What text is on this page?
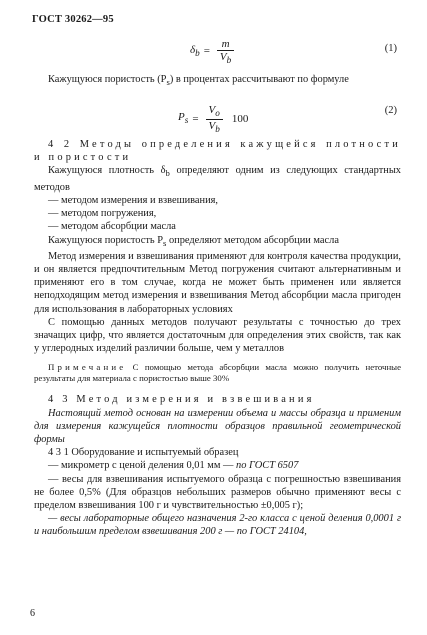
ГОСТ 30262—95
$\delta_b = \frac{m}{V_b}$	(1)

Кажущуюся пористость $(P_s)$ в процентах рассчитывают по формуле

$P_s = \frac{V_o}{V_b} 100$
(2)

4 2 Методы определения кажущейся плотности и пористости

Кажущуюся плотность $\delta_b$ определяют одним из следующих стандартных методов

— методом измерения и взвешивания,

— методом погружения,

— методом абсорбции масла

Кажущуюся пористость $P_s$ определяют методом абсорбции масла

Метод измерения и взвешивания применяют для контроля качества продукции, и он является предпочтительным Метод погружения считают альтернативным и применяют его в том случае, когда не может быть применен или является неподходящим метод измерения и взвешивания Метод абсорбции масла пригоден для использования в лабораторных условиях

С помощью данных методов получают результаты с точностью до трех значащих цифр, что является достаточным для определения этих свойств, так как у углеродных изделий различии больше, чем у металлов

Примечание С помощью метода абсорбции масла можно получить неточные результаты для материала с пористостью выше 30%

4 3 Метод измерения и взвешивания

Настоящий метод основан на измерении объема и массы образца и применим для измерения кажущейся плотности образцов правильной геометрической формы

4 3 1 Оборудование и испытуемый образец

— микрометр с ценой деления 0,01 мм — по ГОСТ 6507

— весы для взвешивания испытуемого образца с погрешностью взвешивания не более 0,5% (Для образцов небольших размеров обычно применяют весы с пределом взвешивания 100 г и чувствительностью ±0,005 г);

— весы лабораторные общего назначения 2-го класса с ценой деления 0,0001 г и наибольшим пределом взвешивания 200 г — по ГОСТ 24104,

6
